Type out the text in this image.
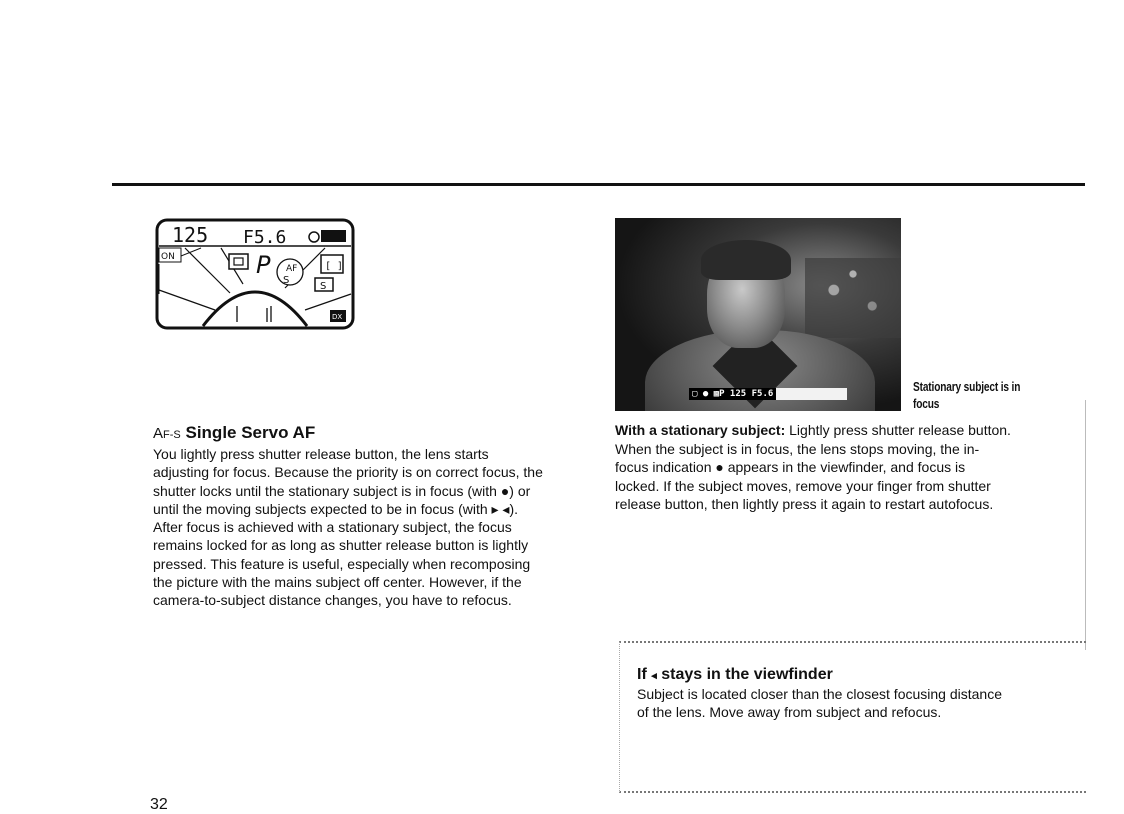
125 F5.6
ON	P AF
S
[ ]
S
DX
▢ ● ▩P 125 F5.6	Stationary subject is in focus
AF-S Single Servo AF
You lightly press shutter release button, the lens starts
adjusting for focus. Because the priority is on correct focus, the
shutter locks until the stationary subject is in focus (with ●) or
until the moving subjects expected to be in focus (with ▸ ◂).
After focus is achieved with a stationary subject, the focus
remains locked for as long as shutter release button is lightly
pressed. This feature is useful, especially when recomposing
the picture with the mains subject off center. However, if the
camera-to-subject distance changes, you have to refocus.
With a stationary subject: Lightly press shutter release button.
When the subject is in focus, the lens stops moving, the in-
focus indication ● appears in the viewfinder, and focus is
locked. If the subject moves, remove your finger from shutter
release button, then lightly press it again to restart autofocus.
If ◂ stays in the viewfinder
Subject is located closer than the closest focusing distance
of the lens. Move away from subject and refocus.
32
